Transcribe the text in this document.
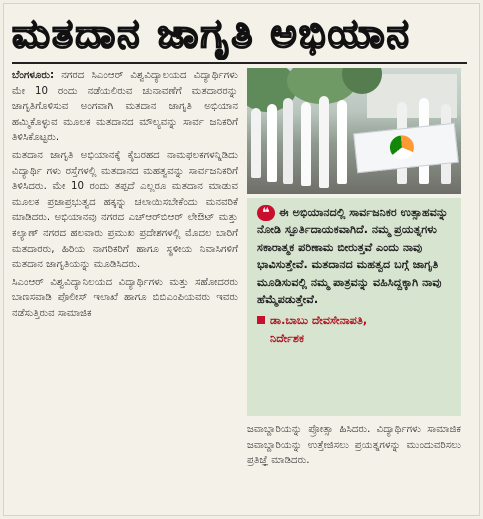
ಮತದಾನ ಜಾಗೃತಿ ಅಭಿಯಾನ

ಬೆಂಗಳೂರು: ನಗರದ ಸಿಎಂಆರ್ ವಿಶ್ವವಿದ್ಯಾಲಯದ ವಿದ್ಯಾರ್ಥಿಗಳು ಮೇ 10 ರಂದು ನಡೆಯಲಿರುವ ಚುನಾವಣೆಗೆ ಮತದಾರರನ್ನು ಜಾಗೃತಿಗೊಳಿಸುವ ಅಂಗವಾಗಿ ಮತದಾನ ಜಾಗೃತಿ ಅಭಿಯಾನ ಹಮ್ಮಿಕೊಳ್ಳುವ ಮೂಲಕ ಮತದಾನದ ಮೌಲ್ಯವನ್ನು ಸಾರ್ವ ಜನಿಕರಿಗೆ ತಿಳಿಸಿಕೊಟ್ಟರು.

ಮತದಾನ ಜಾಗೃತಿ ಅಭಿಯಾನಕ್ಕೆ ಕೈಬರಹದ ನಾಮಫಲಕಗಳನ್ನಿಡಿದು ವಿದ್ಯಾರ್ಥಿ ಗಳು ರಸ್ತೆಗಳಲ್ಲಿ ಮತದಾನದ ಮಹತ್ವವನ್ನು ಸಾರ್ವಜನಿಕರಿಗೆ ತಿಳಿಸಿದರು. ಮೇ 10 ರಂದು ತಪ್ಪದೆ ಎಲ್ಲರೂ ಮತದಾನ ಮಾಡುವ ಮೂಲಕ ಪ್ರಜಾಪ್ರಭುತ್ವದ ಹಕ್ಕನ್ನು ಚಲಾಯಿಸಬೇಕೆಂದು ಮನವರಿಕೆ ಮಾಡಿದರು. ಅಭಿಯಾನವು ನಗರದ ಎಚ್‌ಆರ್‌ಬಿಆರ್ ಲೇಔಟ್ ಮತ್ತು ಕಲ್ಯಾಣ್ ನಗರದ ಹಲವಾರು ಪ್ರಮುಖ ಪ್ರದೇಶಗಳಲ್ಲಿ ಮೊದಲ ಬಾರಿಗೆ ಮತದಾರರು, ಹಿರಿಯ ನಾಗರಿಕರಿಗೆ ಹಾಗೂ ಸ್ಥಳೀಯ ನಿವಾಸಿಗಳಿಗೆ ಮತದಾನ ಜಾಗೃತಿಯನ್ನು ಮೂಡಿಸಿದರು.

ಸಿಎಂಆರ್ ವಿಶ್ವವಿದ್ಯಾನಿಲಯದ ವಿದ್ಯಾರ್ಥಿಗಳು ಮತ್ತು ಸಹೋದರರು ಬಾಣಸವಾಡಿ ಪೊಲೀಸ್ ಇಲಾಖೆ ಹಾಗೂ ಬಿಬಿಎಂಪಿಯವರು ಇವರು ನಡೆಸುತ್ತಿರುವ ಸಾಮಾಜಿಕ

❝ ಈ ಅಭಿಯಾನದಲ್ಲಿ ಸಾರ್ವಜನಿಕರ ಉತ್ಸಾಹವನ್ನು ನೋಡಿ ಸ್ಪೂರ್ತಿದಾಯಕವಾಗಿದೆ. ನಮ್ಮ ಪ್ರಯತ್ನಗಳು ಸಕಾರಾತ್ಮಕ ಪರಿಣಾಮ ಬೀರುತ್ತವೆ ಎಂದು ನಾವು ಭಾವಿಸುತ್ತೇವೆ. ಮತದಾನದ ಮಹತ್ವದ ಬಗ್ಗೆ ಜಾಗೃತಿ ಮೂಡಿಸುವಲ್ಲಿ ನಮ್ಮ ಪಾತ್ರವನ್ನು ವಹಿಸಿದ್ದಕ್ಕಾಗಿ ನಾವು ಹೆಮ್ಮೆಪಡುತ್ತೇವೆ.
ಡಾ.ಬಾಬು ದೇವಸೇನಾಪತಿ,
ನಿರ್ದೇಶಕ

ಜವಾಬ್ದಾರಿಯನ್ನು ಪ್ರೋತ್ಸಾ ಹಿಸಿದರು. ವಿದ್ಯಾರ್ಥಿಗಳು ಸಾಮಾಜಿಕ ಜವಾಬ್ದಾರಿಯನ್ನು ಉತ್ತೇಜಿಸಲು ಪ್ರಯತ್ನಗಳನ್ನು ಮುಂದುವರಿಸಲು ಪ್ರತಿಜ್ಞೆ ಮಾಡಿದರು.
